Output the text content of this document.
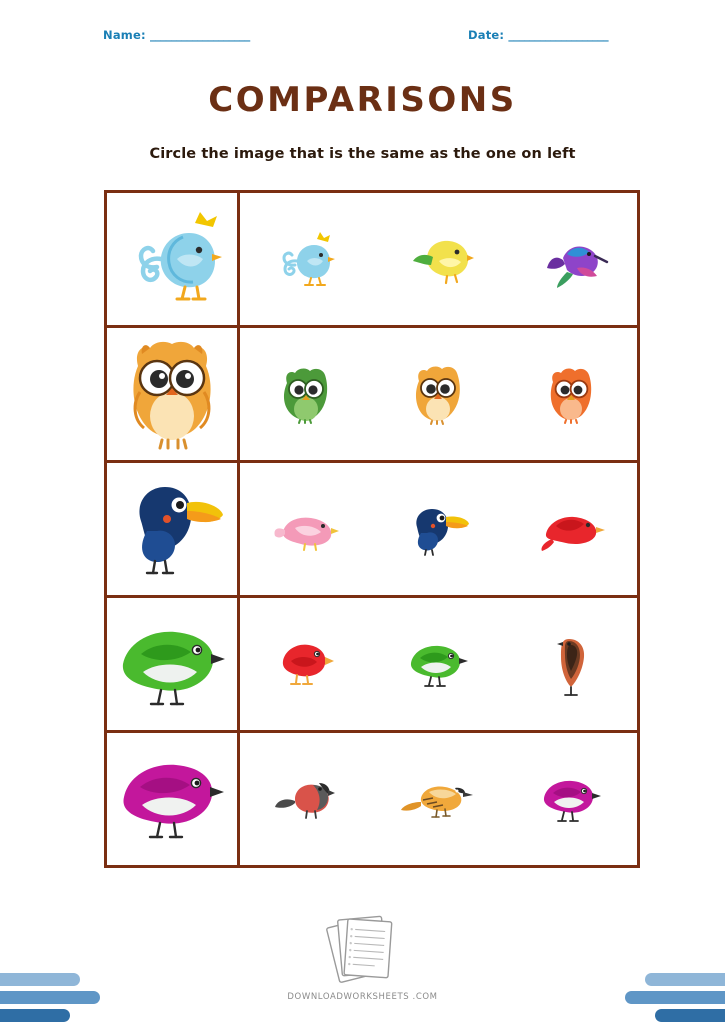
Name: ___________________	Date: ___________________
COMPARISONS
Circle the image that is the same as the one on left
DOWNLOADWORKSHEETS .COM
